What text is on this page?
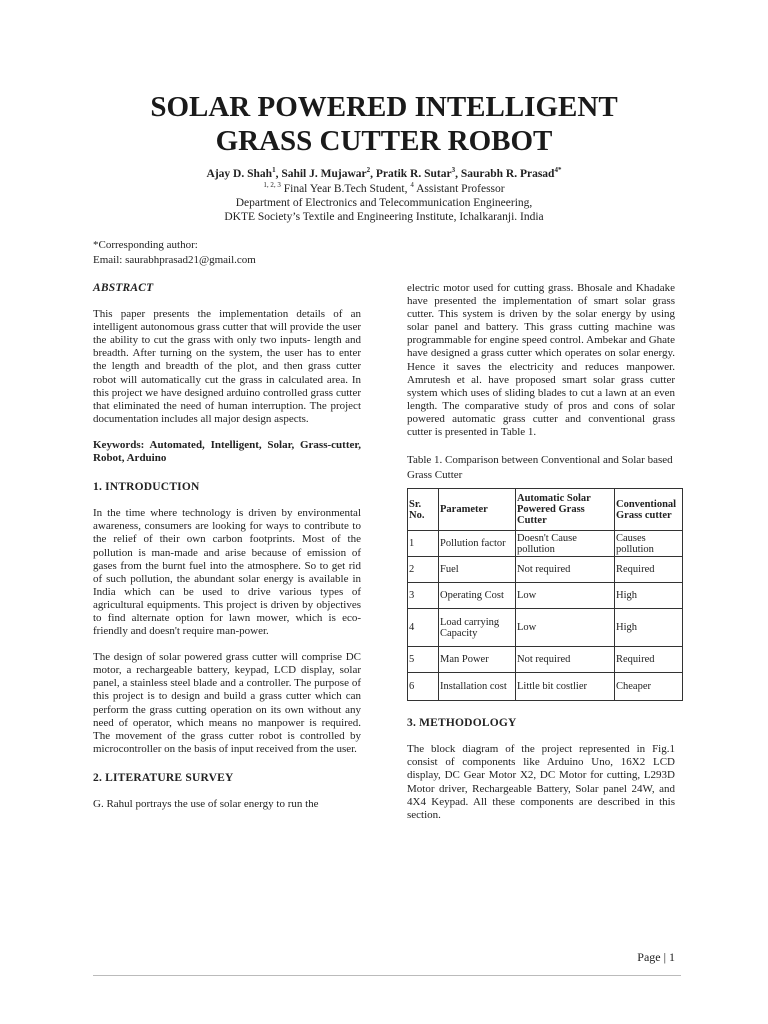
SOLAR POWERED INTELLIGENT
GRASS CUTTER ROBOT
Ajay D. Shah$^1$, Sahil J. Mujawar$^2$, Pratik R. Sutar$^3$, Saurabh R. Prasad$^{4*}$
$^{1, 2, 3}$ Final Year B.Tech Student, $^4$ Assistant Professor
Department of Electronics and Telecommunication Engineering,
DKTE Society’s Textile and Engineering Institute, Ichalkaranji. India
*Corresponding author:
Email: saurabhprasad21@gmail.com
ABSTRACT

This paper presents the implementation details of an intelligent autonomous grass cutter that will provide the user the ability to cut the grass with only two inputs- length and breadth. After turning on the system, the user has to enter the length and breadth of the plot, and then grass cutter robot will automatically cut the grass in calculated area. In this project we have designed arduino controlled grass cutter that eliminated the need of human interruption. The project documentation includes all major design aspects.

Keywords: Automated, Intelligent, Solar, Grass-cutter, Robot, Arduino

1. INTRODUCTION

In the time where technology is driven by environmental awareness, consumers are looking for ways to contribute to the relief of their own carbon footprints. Most of the pollution is man-made and arise because of emission of gases from the burnt fuel into the atmosphere. So to get rid of such pollution, the abundant solar energy is available in India which can be used to drive various types of agricultural equipments. This project is driven by objectives to find alternate option for lawn mower, which is eco-friendly and doesn't require man-power.

The design of solar powered grass cutter will comprise DC motor, a rechargeable battery, keypad, LCD display, solar panel, a stainless steel blade and a controller. The purpose of this project is to design and build a grass cutter which can perform the grass cutting operation on its own without any need of operator, which means no manpower is required. The movement of the grass cutter robot is controlled by microcontroller on the basis of input received from the user.

2. LITERATURE SURVEY

G. Rahul portrays the use of solar energy to run the

electric motor used for cutting grass. Bhosale and Khadake have presented the implementation of smart solar grass cutter. This system is driven by the solar energy by using solar panel and battery. This grass cutting machine was programmable for engine speed control. Ambekar and Ghate have designed a grass cutter which operates on solar energy. Hence it saves the electricity and reduces manpower. Amrutesh et al. have proposed smart solar grass cutter system which uses of sliding blades to cut a lawn at an even length. The comparative study of pros and cons of solar powered automatic grass cutter and conventional grass cutter is presented in Table 1.

Table 1. Comparison between Conventional and Solar based Grass Cutter
Sr. No.	Parameter	Automatic Solar Powered Grass Cutter	Conventional Grass cutter
1	Pollution factor	Doesn't Cause pollution	Causes pollution
2	Fuel	Not required	Required
3	Operating Cost	Low	High
4	Load carrying Capacity	Low	High
5	Man Power	Not required	Required
6	Installation cost	Little bit costlier	Cheaper
3. METHODOLOGY

The block diagram of the project represented in Fig.1 consist of components like Arduino Uno, 16X2 LCD display, DC Gear Motor X2, DC Motor for cutting, L293D Motor driver, Rechargeable Battery, Solar panel 24W, and 4X4 Keypad. All these components are described in this section.

Page | 1
